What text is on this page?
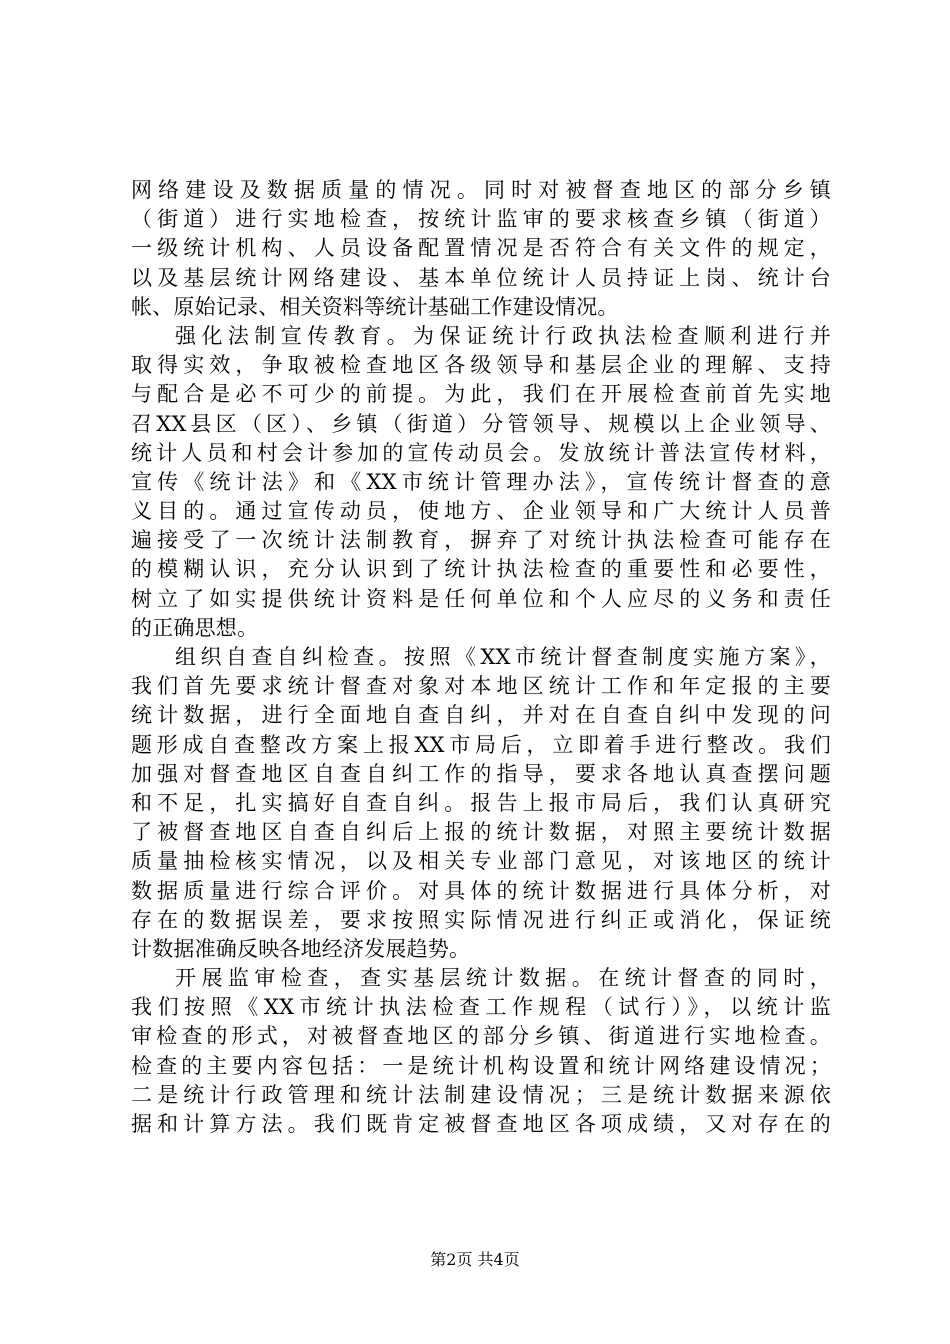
网络建设及数据质量的情况。同时对被督查地区的部分乡镇
（街道）进行实地检查，按统计监审的要求核查乡镇（街道）
一级统计机构、人员设备配置情况是否符合有关文件的规定，
以及基层统计网络建设、基本单位统计人员持证上岗、统计台
帐、原始记录、相关资料等统计基础工作建设情况。
强化法制宣传教育。为保证统计行政执法检查顺利进行并
取得实效，争取被检查地区各级领导和基层企业的理解、支持
与配合是必不可少的前提。为此，我们在开展检查前首先实地
召XX县区（区）、乡镇（街道）分管领导、规模以上企业领导、
统计人员和村会计参加的宣传动员会。发放统计普法宣传材料，
宣传《统计法》和《XX市统计管理办法》，宣传统计督查的意
义目的。通过宣传动员，使地方、企业领导和广大统计人员普
遍接受了一次统计法制教育，摒弃了对统计执法检查可能存在
的模糊认识，充分认识到了统计执法检查的重要性和必要性，
树立了如实提供统计资料是任何单位和个人应尽的义务和责任
的正确思想。
组织自查自纠检查。按照《XX市统计督查制度实施方案》，
我们首先要求统计督查对象对本地区统计工作和年定报的主要
统计数据，进行全面地自查自纠，并对在自查自纠中发现的问
题形成自查整改方案上报XX市局后，立即着手进行整改。我们
加强对督查地区自查自纠工作的指导，要求各地认真查摆问题
和不足，扎实搞好自查自纠。报告上报市局后，我们认真研究
了被督查地区自查自纠后上报的统计数据，对照主要统计数据
质量抽检核实情况，以及相关专业部门意见，对该地区的统计
数据质量进行综合评价。对具体的统计数据进行具体分析，对
存在的数据误差，要求按照实际情况进行纠正或消化，保证统
计数据准确反映各地经济发展趋势。
开展监审检查，查实基层统计数据。在统计督查的同时，
我们按照《XX市统计执法检查工作规程（试行）》，以统计监
审检查的形式，对被督查地区的部分乡镇、街道进行实地检查。
检查的主要内容包括：一是统计机构设置和统计网络建设情况；
二是统计行政管理和统计法制建设情况；三是统计数据来源依
据和计算方法。我们既肯定被督查地区各项成绩，又对存在的
第2页 共4页
